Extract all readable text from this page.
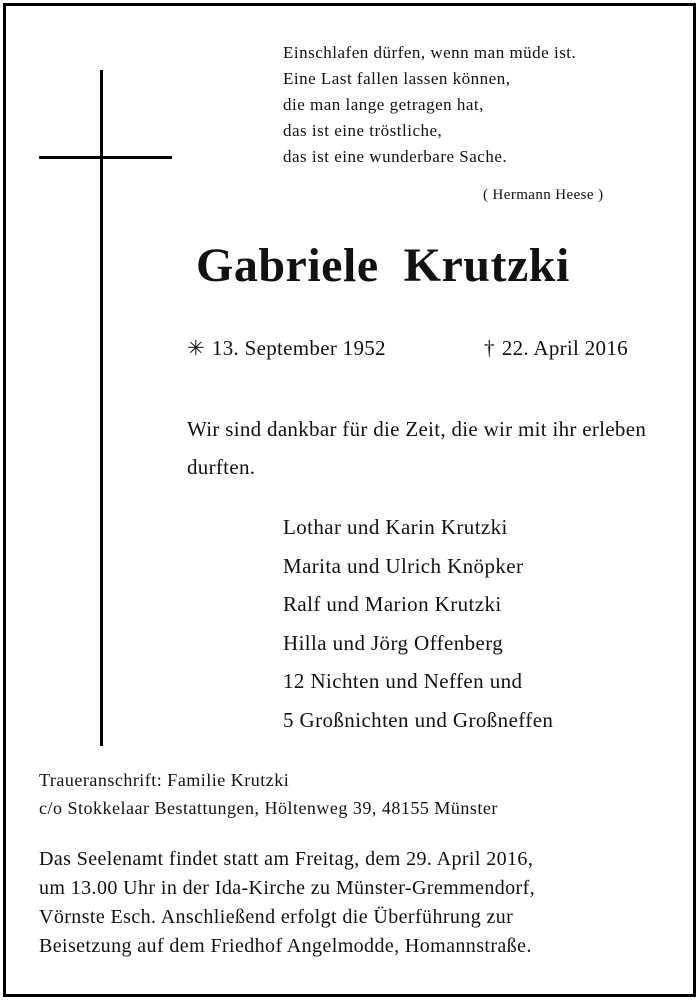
Einschlafen dürfen, wenn man müde ist.
Eine Last fallen lassen können,
die man lange getragen hat,
das ist eine tröstliche,
das ist eine wunderbare Sache.
( Hermann Heese )
Gabriele  Krutzki
✳ 13. September 1952	† 22. April 2016
Wir sind dankbar für die Zeit, die wir mit ihr erleben durften.
Lothar und Karin Krutzki
Marita und Ulrich Knöpker
Ralf und Marion Krutzki
Hilla und Jörg Offenberg
12 Nichten und Neffen und
5 Großnichten und Großneffen
Traueranschrift: Familie Krutzki
c/o Stokkelaar Bestattungen, Höltenweg 39, 48155 Münster
Das Seelenamt findet statt am Freitag, dem 29. April 2016,
um 13.00 Uhr in der Ida-Kirche zu Münster-Gremmendorf,
Vörnste Esch. Anschließend erfolgt die Überführung zur
Beisetzung auf dem Friedhof Angelmodde, Homannstraße.
